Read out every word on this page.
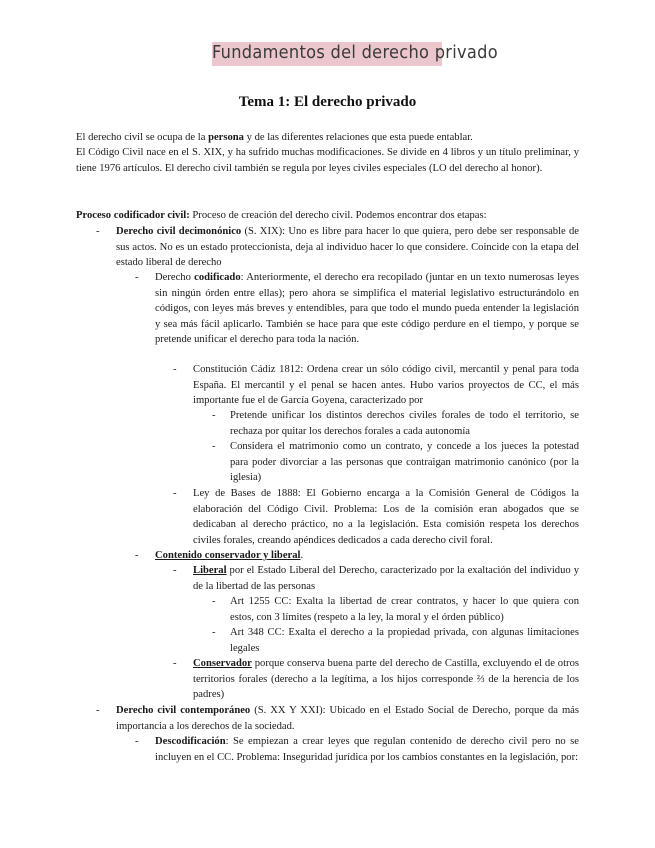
Fundamentos del derecho privado
Tema 1: El derecho privado

El derecho civil se ocupa de la persona y de las diferentes relaciones que esta puede entablar.

El Código Civil nace en el S. XIX, y ha sufrido muchas modificaciones. Se divide en 4 libros y un título preliminar, y tiene 1976 artículos. El derecho civil también se regula por leyes civiles especiales (LO del derecho al honor).

Proceso codificador civil: Proceso de creación del derecho civil. Podemos encontrar dos etapas:

-	Derecho civil decimonónico (S. XIX): Uno es libre para hacer lo que quiera, pero debe ser responsable de sus actos. No es un estado proteccionista, deja al individuo hacer lo que considere. Coincide con la etapa del estado liberal de derecho

-	Derecho codificado: Anteriormente, el derecho era recopilado (juntar en un texto numerosas leyes sin ningún órden entre ellas); pero ahora se simplifica el material legislativo estructurándolo en códigos, con leyes más breves y entendibles, para que todo el mundo pueda entender la legislación y sea más fácil aplicarlo. También se hace para que este código perdure en el tiempo, y porque se pretende unificar el derecho para toda la nación.

-	Constitución Cádiz 1812: Ordena crear un sólo código civil, mercantil y penal para toda España. El mercantil y el penal se hacen antes. Hubo varios proyectos de CC, el más importante fue el de García Goyena, caracterizado por

-	Pretende unificar los distintos derechos civiles forales de todo el territorio, se rechaza por quitar los derechos forales a cada autonomía

-	Considera el matrimonio como un contrato, y concede a los jueces la potestad para poder divorciar a las personas que contraigan matrimonio canónico (por la iglesia)

-	Ley de Bases de 1888: El Gobierno encarga a la Comisión General de Códigos la elaboración del Código Civil. Problema: Los de la comisión eran abogados que se dedicaban al derecho práctico, no a la legislación. Esta comisión respeta los derechos civiles forales, creando apéndices dedicados a cada derecho civil foral.

-	Contenido conservador y liberal.

-	Liberal por el Estado Liberal del Derecho, caracterizado por la exaltación del individuo y de la libertad de las personas

-	Art 1255 CC: Exalta la libertad de crear contratos, y hacer lo que quiera con estos, con 3 límites (respeto a la ley, la moral y el órden público)

-	Art 348 CC: Exalta el derecho a la propiedad privada, con algunas limitaciones legales

-	Conservador porque conserva buena parte del derecho de Castilla, excluyendo el de otros territorios forales (derecho a la legítima, a los hijos corresponde ⅔ de la herencia de los padres)

-	Derecho civil contemporáneo (S. XX Y XXI): Ubicado en el Estado Social de Derecho, porque da más importancia a los derechos de la sociedad.

-	Descodificación: Se empiezan a crear leyes que regulan contenido de derecho civil pero no se incluyen en el CC. Problema: Inseguridad jurídica por los cambios constantes en la legislación, por:
